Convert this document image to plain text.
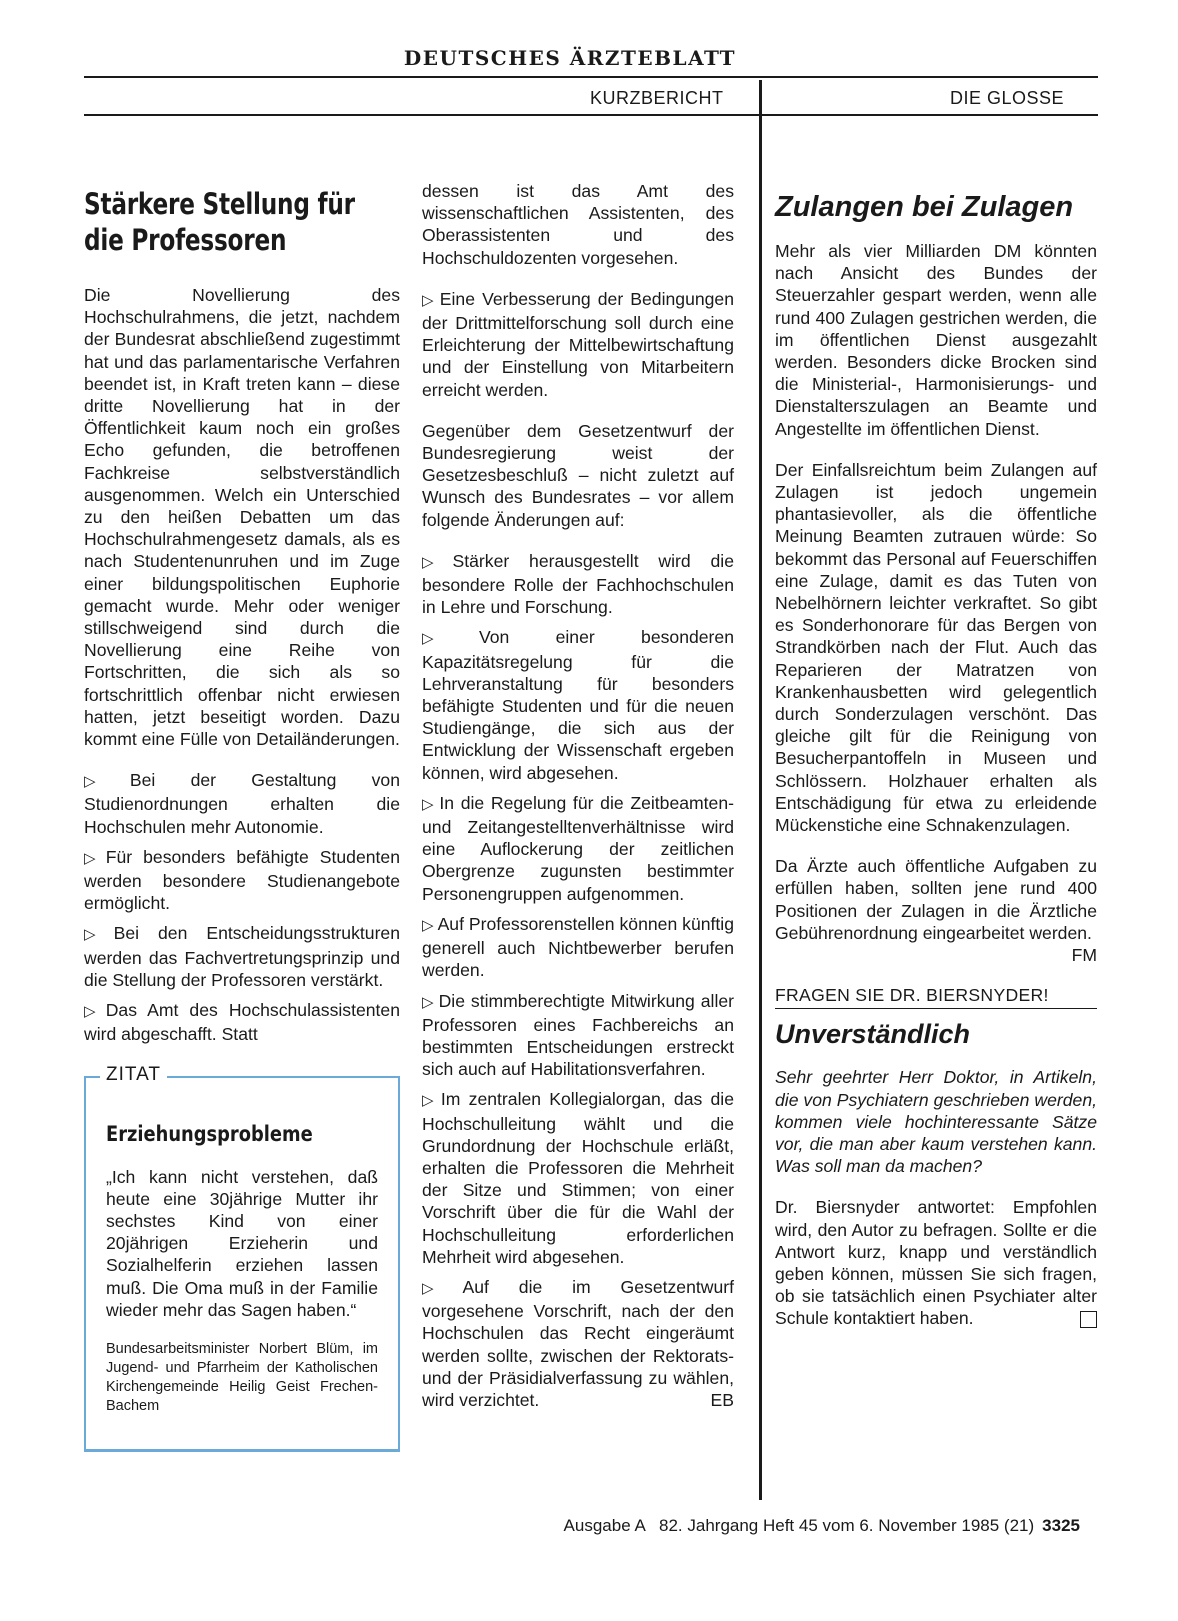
DEUTSCHES ÄRZTEBLATT

KURZBERICHT	DIE GLOSSE

Stärkere Stellung für die Professoren

Die Novellierung des Hochschulrahmens, die jetzt, nachdem der Bundesrat abschließend zugestimmt hat und das parlamentarische Verfahren beendet ist, in Kraft treten kann – diese dritte Novellierung hat in der Öffentlichkeit kaum noch ein großes Echo gefunden, die betroffenen Fachkreise selbstverständlich ausgenommen. Welch ein Unterschied zu den heißen Debatten um das Hochschulrahmengesetz damals, als es nach Studentenunruhen und im Zuge einer bildungspolitischen Euphorie gemacht wurde. Mehr oder weniger stillschweigend sind durch die Novellierung eine Reihe von Fortschritten, die sich als so fortschrittlich offenbar nicht erwiesen hatten, jetzt beseitigt worden. Dazu kommt eine Fülle von Detailänderungen.

▷ Bei der Gestaltung von Studienordnungen erhalten die Hochschulen mehr Autonomie.

▷ Für besonders befähigte Studenten werden besondere Studienangebote ermöglicht.

▷ Bei den Entscheidungsstrukturen werden das Fachvertretungsprinzip und die Stellung der Professoren verstärkt.

▷ Das Amt des Hochschulassistenten wird abgeschafft. Statt

ZITAT
Erziehungsprobleme

„Ich kann nicht verstehen, daß heute eine 30jährige Mutter ihr sechstes Kind von einer 20jährigen Erzieherin und Sozialhelferin erziehen lassen muß. Die Oma muß in der Familie wieder mehr das Sagen haben.“

Bundesarbeitsminister Norbert Blüm, im Jugend- und Pfarrheim der Katholischen Kirchengemeinde Heilig Geist Frechen-Bachem

dessen ist das Amt des wissenschaftlichen Assistenten, des Oberassistenten und des Hochschuldozenten vorgesehen.

▷ Eine Verbesserung der Bedingungen der Drittmittelforschung soll durch eine Erleichterung der Mittelbewirtschaftung und der Einstellung von Mitarbeitern erreicht werden.

Gegenüber dem Gesetzentwurf der Bundesregierung weist der Gesetzesbeschluß – nicht zuletzt auf Wunsch des Bundesrates – vor allem folgende Änderungen auf:

▷ Stärker herausgestellt wird die besondere Rolle der Fachhochschulen in Lehre und Forschung.

▷ Von einer besonderen Kapazitätsregelung für die Lehrveranstaltung für besonders befähigte Studenten und für die neuen Studiengänge, die sich aus der Entwicklung der Wissenschaft ergeben können, wird abgesehen.

▷ In die Regelung für die Zeitbeamten- und Zeitangestelltenverhältnisse wird eine Auflockerung der zeitlichen Obergrenze zugunsten bestimmter Personengruppen aufgenommen.

▷ Auf Professorenstellen können künftig generell auch Nichtbewerber berufen werden.

▷ Die stimmberechtigte Mitwirkung aller Professoren eines Fachbereichs an bestimmten Entscheidungen erstreckt sich auch auf Habilitationsverfahren.

▷ Im zentralen Kollegialorgan, das die Hochschulleitung wählt und die Grundordnung der Hochschule erläßt, erhalten die Professoren die Mehrheit der Sitze und Stimmen; von einer Vorschrift über die für die Wahl der Hochschulleitung erforderlichen Mehrheit wird abgesehen.

▷ Auf die im Gesetzentwurf vorgesehene Vorschrift, nach der den Hochschulen das Recht eingeräumt werden sollte, zwischen der Rektorats- und der Präsidialverfassung zu wählen, wird verzichtet.	EB

Zulangen bei Zulagen

Mehr als vier Milliarden DM könnten nach Ansicht des Bundes der Steuerzahler gespart werden, wenn alle rund 400 Zulagen gestrichen werden, die im öffentlichen Dienst ausgezahlt werden. Besonders dicke Brocken sind die Ministerial-, Harmonisierungs- und Dienstalterszulagen an Beamte und Angestellte im öffentlichen Dienst.

Der Einfallsreichtum beim Zulangen auf Zulagen ist jedoch ungemein phantasievoller, als die öffentliche Meinung Beamten zutrauen würde: So bekommt das Personal auf Feuerschiffen eine Zulage, damit es das Tuten von Nebelhörnern leichter verkraftet. So gibt es Sonderhonorare für das Bergen von Strandkörben nach der Flut. Auch das Reparieren der Matratzen von Krankenhausbetten wird gelegentlich durch Sonderzulagen verschönt. Das gleiche gilt für die Reinigung von Besucherpantoffeln in Museen und Schlössern. Holzhauer erhalten als Entschädigung für etwa zu erleidende Mückenstiche eine Schnakenzulagen.

Da Ärzte auch öffentliche Aufgaben zu erfüllen haben, sollten jene rund 400 Positionen der Zulagen in die Ärztliche Gebührenordnung eingearbeitet werden.
FM

FRAGEN SIE DR. BIERSNYDER!

Unverständlich

Sehr geehrter Herr Doktor, in Artikeln, die von Psychiatern geschrieben werden, kommen viele hochinteressante Sätze vor, die man aber kaum verstehen kann. Was soll man da machen?

Dr. Biersnyder antwortet: Empfohlen wird, den Autor zu befragen. Sollte er die Antwort kurz, knapp und verständlich geben können, müssen Sie sich fragen, ob sie tatsächlich einen Psychiater alter Schule kontaktiert haben.

Ausgabe A   82. Jahrgang Heft 45 vom 6. November 1985 (21) 3325
